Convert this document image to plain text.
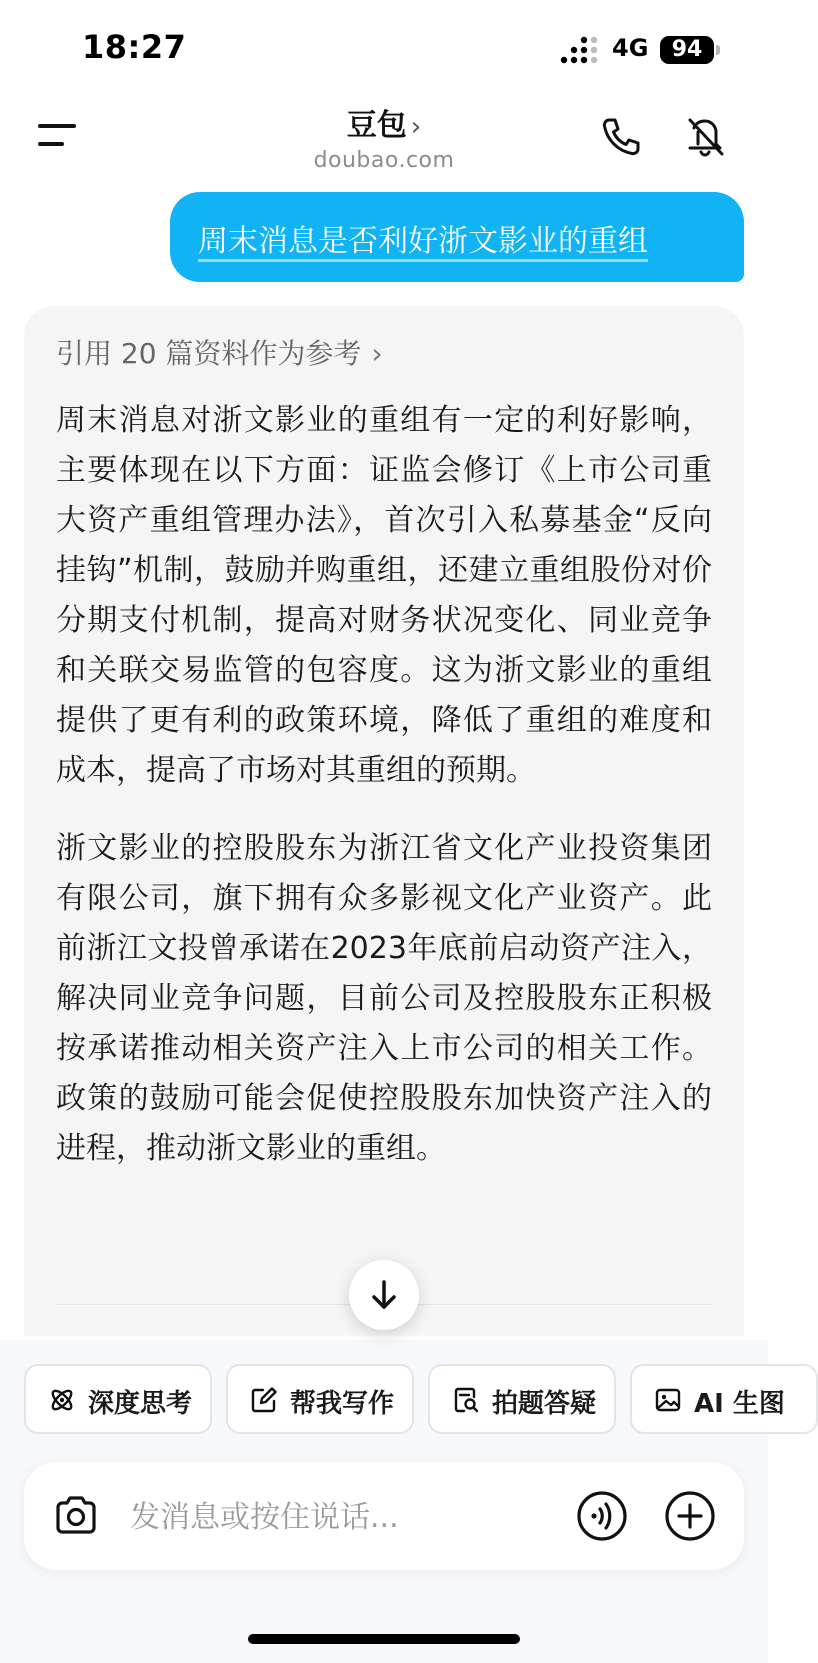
18:27	4G	94
豆包 ›
doubao.com
周末消息是否利好浙文影业的重组
引用 20 篇资料作为参考 ›

周末消息对浙文影业的重组有一定的利好影响，主要体现在以下方面：证监会修订《上市公司重大资产重组管理办法》，首次引入私募基金“反向挂钩”机制，鼓励并购重组，还建立重组股份对价分期支付机制，提高对财务状况变化、同业竞争和关联交易监管的包容度。这为浙文影业的重组提供了更有利的政策环境，降低了重组的难度和成本，提高了市场对其重组的预期。

浙文影业的控股股东为浙江省文化产业投资集团有限公司，旗下拥有众多影视文化产业资产。此前浙江文投曾承诺在2023年底前启动资产注入，解决同业竞争问题，目前公司及控股股东正积极按承诺推动相关资产注入上市公司的相关工作。政策的鼓励可能会促使控股股东加快资产注入的进程，推动浙文影业的重组。

深度思考	帮我写作	拍题答疑	AI 生图
发消息或按住说话...
